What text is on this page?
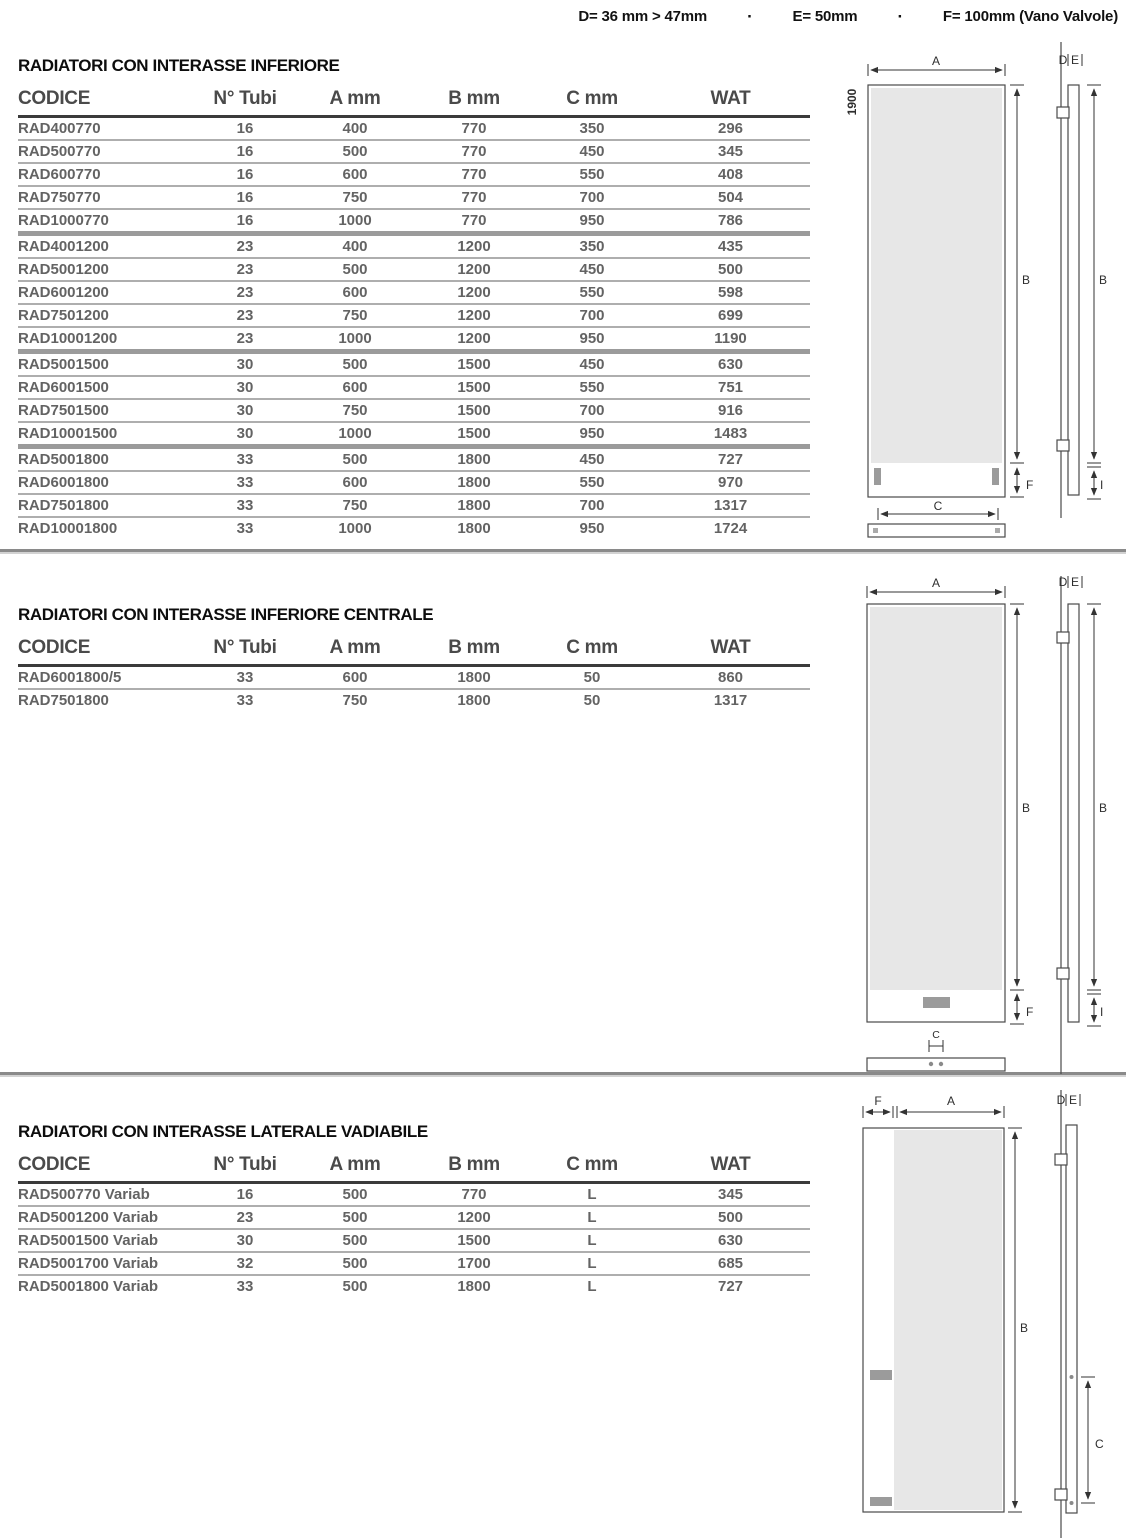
D= 36 mm > 47mm ·	E= 50mm ·	F= 100mm (Vano Valvole)
RADIATORI CON INTERASSE INFERIORE
CODICE	N° Tubi	A mm	B mm	C mm	WAT
RAD400770	16	400	770	350	296
RAD500770	16	500	770	450	345
RAD600770	16	600	770	550	408
RAD750770	16	750	770	700	504
RAD1000770	16	1000	770	950	786
RAD4001200	23	400	1200	350	435
RAD5001200	23	500	1200	450	500
RAD6001200	23	600	1200	550	598
RAD7501200	23	750	1200	700	699
RAD10001200	23	1000	1200	950	1190
RAD5001500	30	500	1500	450	630
RAD6001500	30	600	1500	550	751
RAD7501500	30	750	1500	700	916
RAD10001500	30	1000	1500	950	1483
RAD5001800	33	500	1800	450	727
RAD6001800	33	600	1800	550	970
RAD7501800	33	750	1800	700	1317
RAD10001800	33	1000	1800	950	1724
RADIATORI CON INTERASSE INFERIORE CENTRALE
CODICE	N° Tubi	A mm	B mm	C mm	WAT
RAD6001800/5	33	600	1800	50	860
RAD7501800	33	750	1800	50	1317
RADIATORI CON INTERASSE LATERALE VADIABILE
CODICE	N° Tubi	A mm	B mm	C mm	WAT
RAD500770 Variab	16	500	770	L	345
RAD5001200 Variab	23	500	1200	L	500
RAD5001500 Variab	30	500	1500	L	630
RAD5001700 Variab	32	500	1700	L	685
RAD5001800 Variab	33	500	1800	L	727
1900
A
B
F
C
D E
B
I
A
B
F
C
D E
B
I
F	A
B
D E
C
